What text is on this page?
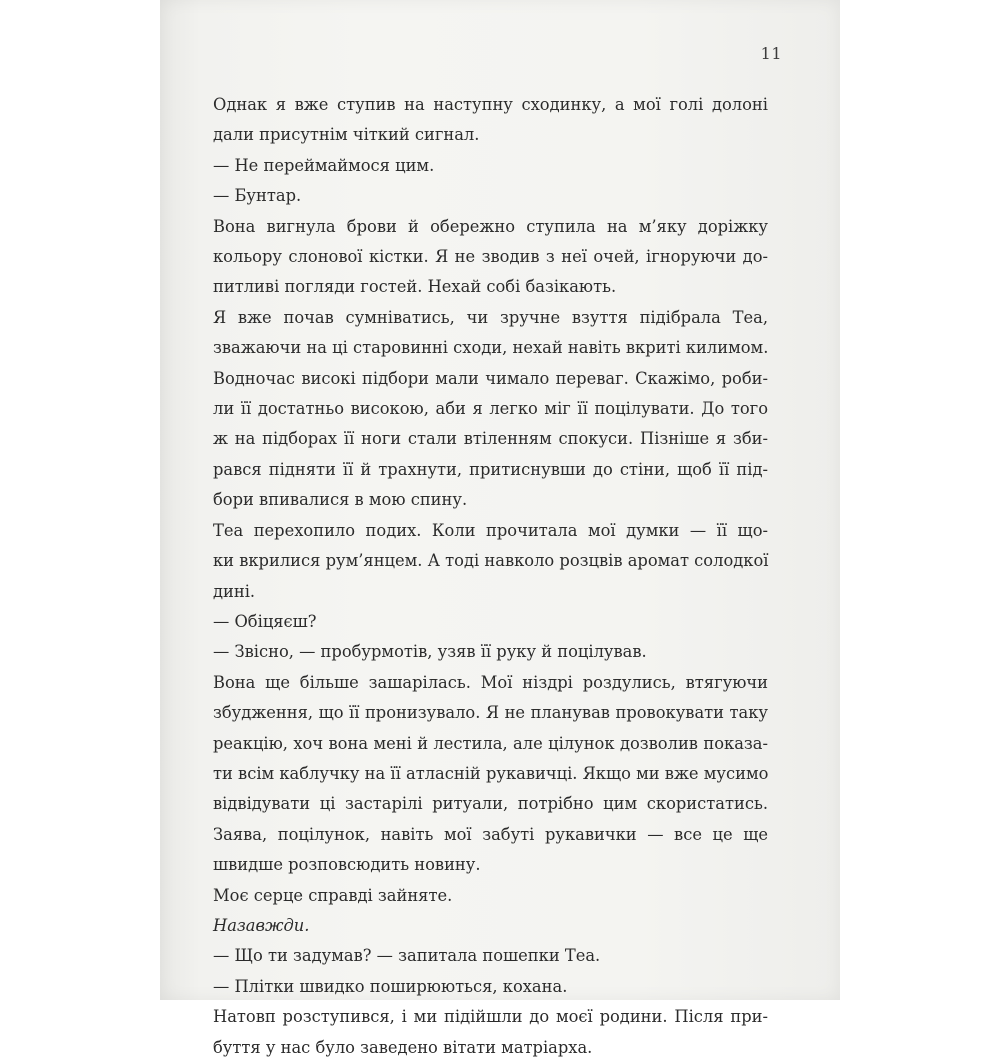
11

Однак я вже ступив на наступну сходинку, а мої голі долоні
дали присутнім чіткий сигнал.

— Не переймаймося цим.

— Бунтар.

Вона вигнула брови й обережно ступила на м’яку доріжку
кольору слонової кістки. Я не зводив з неї очей, ігноруючи до-
питливі погляди гостей. Нехай собі базікають.

Я вже почав сумніватись, чи зручне взуття підібрала Теа,
зважаючи на ці старовинні сходи, нехай навіть вкриті килимом.
Водночас високі підбори мали чимало переваг. Скажімо, роби-
ли її достатньо високою, аби я легко міг її поцілувати. До того
ж на підборах її ноги стали втіленням спокуси. Пізніше я зби-
рався підняти її й трахнути, притиснувши до стіни, щоб її під-
бори впивалися в мою спину.

Теа перехопило подих. Коли прочитала мої думки — її що-
ки вкрилися рум’янцем. А тоді навколо розцвів аромат солодкої
дині.

— Обіцяєш?

— Звісно, — пробурмотів, узяв її руку й поцілував.

Вона ще більше зашарілась. Мої ніздрі роздулись, втягуючи
збудження, що її пронизувало. Я не планував провокувати таку
реакцію, хоч вона мені й лестила, але цілунок дозволив показа-
ти всім каблучку на її атласній рукавичці. Якщо ми вже мусимо
відвідувати ці застарілі ритуали, потрібно цим скористатись.
Заява, поцілунок, навіть мої забуті рукавички — все це ще
швидше розповсюдить новину.

Моє серце справді зайняте.

Назавжди.

— Що ти задумав? — запитала пошепки Теа.

— Плітки швидко поширюються, кохана.

Натовп розступився, і ми підійшли до моєї родини. Після при-
буття у нас було заведено вітати матріарха.
